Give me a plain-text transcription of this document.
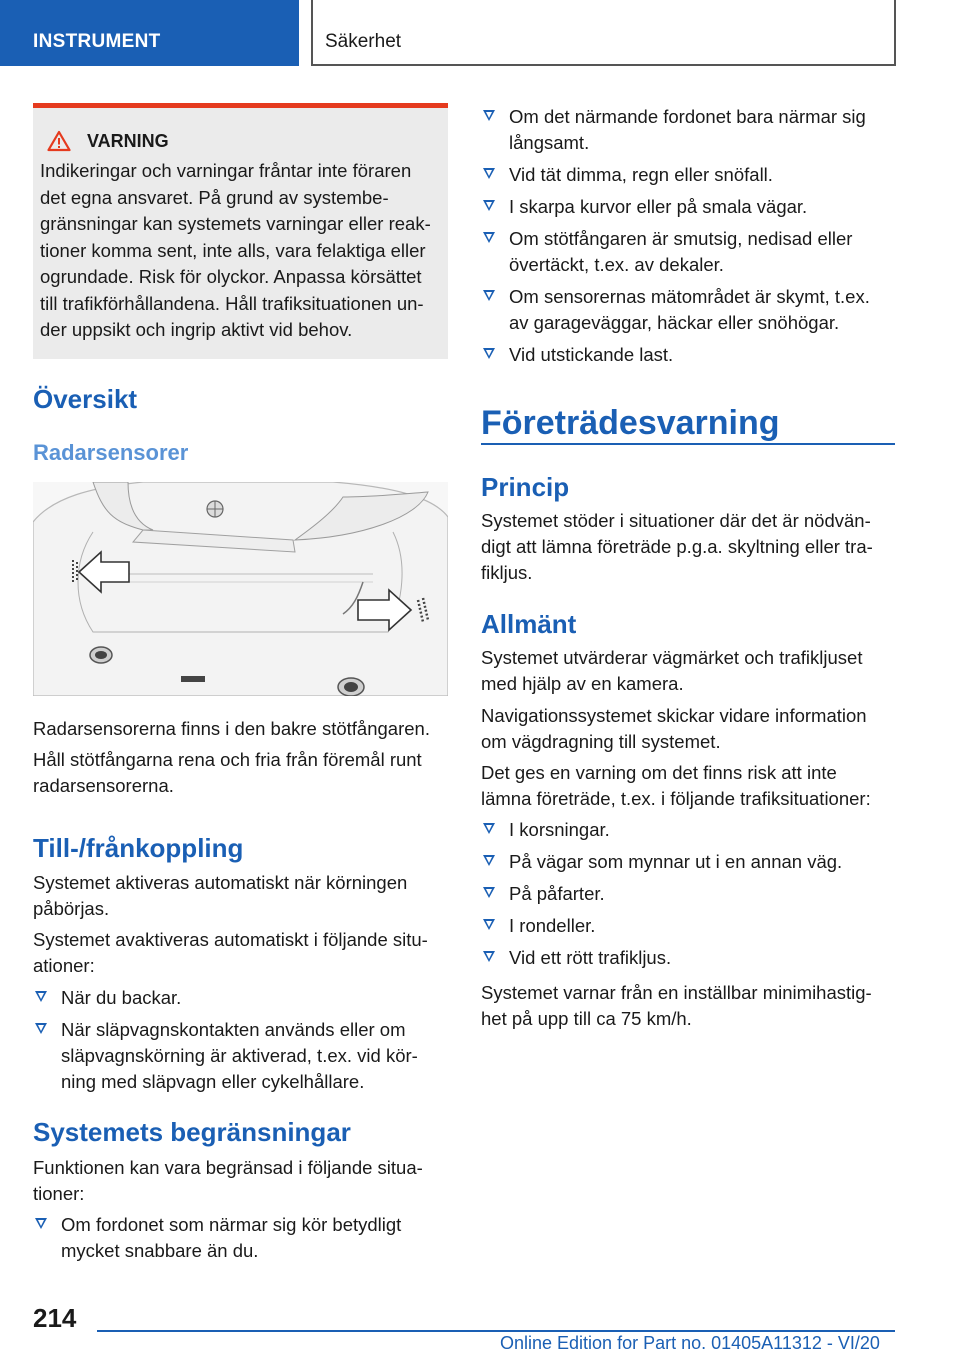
INSTRUMENT	Säkerhet
VARNING
Indikeringar och varningar fråntar inte föraren
det egna ansvaret. På grund av systembe-
gränsningar kan systemets varningar eller reak-
tioner komma sent, inte alls, vara felaktiga eller
ogrundade. Risk för olyckor. Anpassa körsättet
till trafikförhållandena. Håll trafiksituationen un-
der uppsikt och ingrip aktivt vid behov.
Översikt
Radarsensorer
Radarsensorerna finns i den bakre stötfångaren.
Håll stötfångarna rena och fria från föremål runt
radarsensorerna.
Till-/frånkoppling
Systemet aktiveras automatiskt när körningen
påbörjas.
Systemet avaktiveras automatiskt i följande situ-
ationer:
När du backar.
När släpvagnskontakten används eller om
släpvagnskörning är aktiverad, t.ex. vid kör-
ning med släpvagn eller cykelhållare.
Systemets begränsningar
Funktionen kan vara begränsad i följande situa-
tioner:
Om fordonet som närmar sig kör betydligt
mycket snabbare än du.
Om det närmande fordonet bara närmar sig
långsamt.
Vid tät dimma, regn eller snöfall.
I skarpa kurvor eller på smala vägar.
Om stötfångaren är smutsig, nedisad eller
övertäckt, t.ex. av dekaler.
Om sensorernas mätområdet är skymt, t.ex.
av garageväggar, häckar eller snöhögar.
Vid utstickande last.
Företrädesvarning
Princip
Systemet stöder i situationer där det är nödvän-
digt att lämna företräde p.g.a. skyltning eller tra-
fikljus.
Allmänt
Systemet utvärderar vägmärket och trafikljuset
med hjälp av en kamera.
Navigationssystemet skickar vidare information
om vägdragning till systemet.
Det ges en varning om det finns risk att inte
lämna företräde, t.ex. i följande trafiksituationer:
I korsningar.
På vägar som mynnar ut i en annan väg.
På påfarter.
I rondeller.
Vid ett rött trafikljus.
Systemet varnar från en inställbar minimihastig-
het på upp till ca 75 km/h.
214
Online Edition for Part no. 01405A11312 - VI/20
